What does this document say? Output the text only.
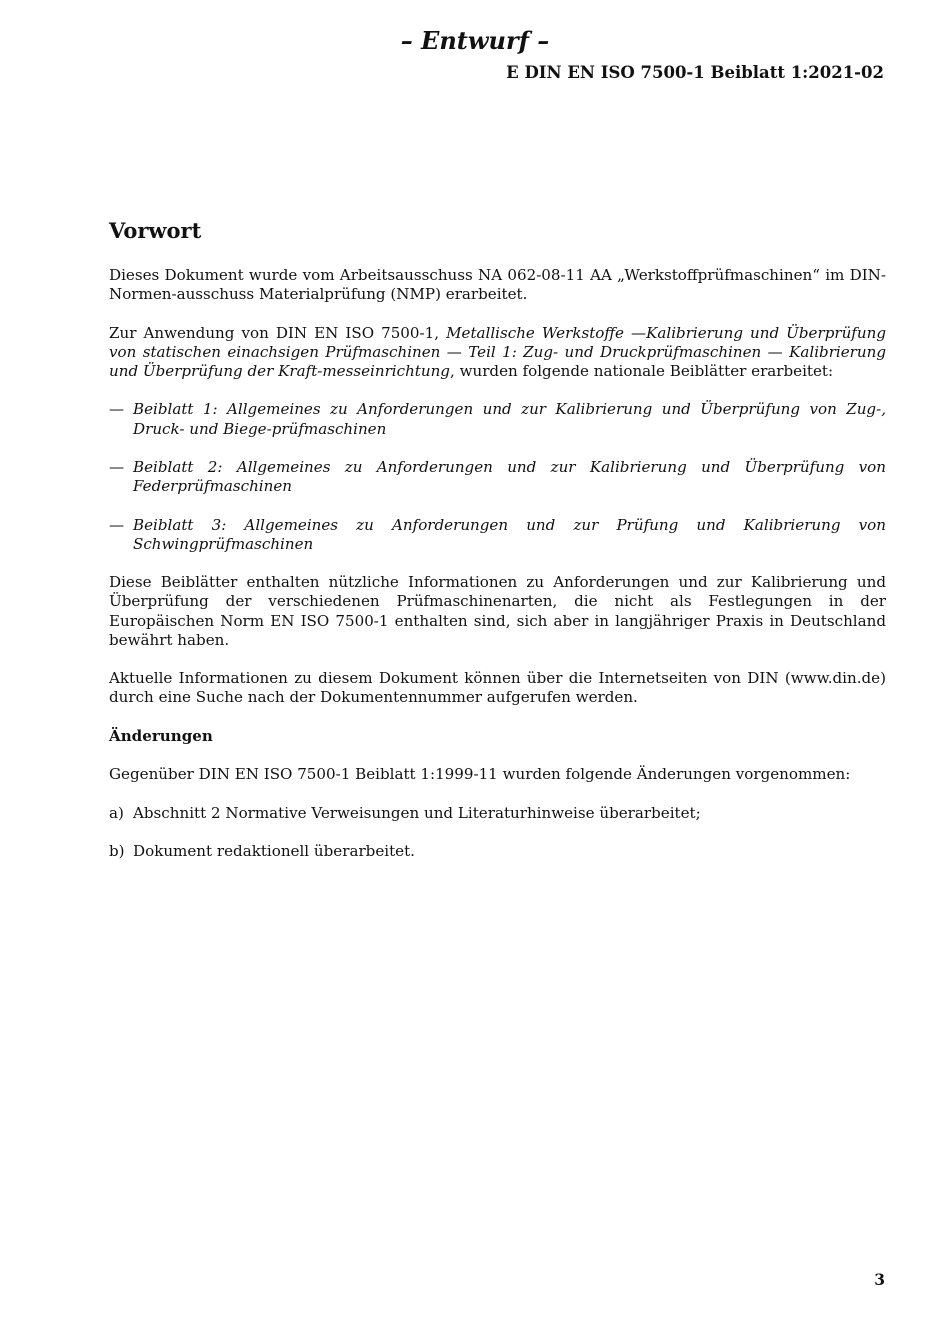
– Entwurf –
E DIN EN ISO 7500-1 Beiblatt 1:2021-02
Vorwort

Dieses Dokument wurde vom Arbeitsausschuss NA 062-08-11 AA „Werkstoffprüfmaschinen“ im DIN-Normen-ausschuss Materialprüfung (NMP) erarbeitet.

Zur Anwendung von DIN EN ISO 7500-1, Metallische Werkstoffe —Kalibrierung und Überprüfung von statischen einachsigen Prüfmaschinen — Teil 1: Zug- und Druckprüfmaschinen — Kalibrierung und Überprüfung der Kraft-messeinrichtung, wurden folgende nationale Beiblätter erarbeitet:

— Beiblatt 1: Allgemeines zu Anforderungen und zur Kalibrierung und Überprüfung von Zug-, Druck- und Biege-prüfmaschinen
— Beiblatt 2: Allgemeines zu Anforderungen und zur Kalibrierung und Überprüfung von Federprüfmaschinen
— Beiblatt 3: Allgemeines zu Anforderungen und zur Prüfung und Kalibrierung von Schwingprüfmaschinen

Diese Beiblätter enthalten nützliche Informationen zu Anforderungen und zur Kalibrierung und Überprüfung der verschiedenen Prüfmaschinenarten, die nicht als Festlegungen in der Europäischen Norm EN ISO 7500-1 enthalten sind, sich aber in langjähriger Praxis in Deutschland bewährt haben.

Aktuelle Informationen zu diesem Dokument können über die Internetseiten von DIN (www.din.de) durch eine Suche nach der Dokumentennummer aufgerufen werden.

Änderungen

Gegenüber DIN EN ISO 7500-1 Beiblatt 1:1999-11 wurden folgende Änderungen vorgenommen:

a) Abschnitt 2 Normative Verweisungen und Literaturhinweise überarbeitet;
b) Dokument redaktionell überarbeitet.
3
